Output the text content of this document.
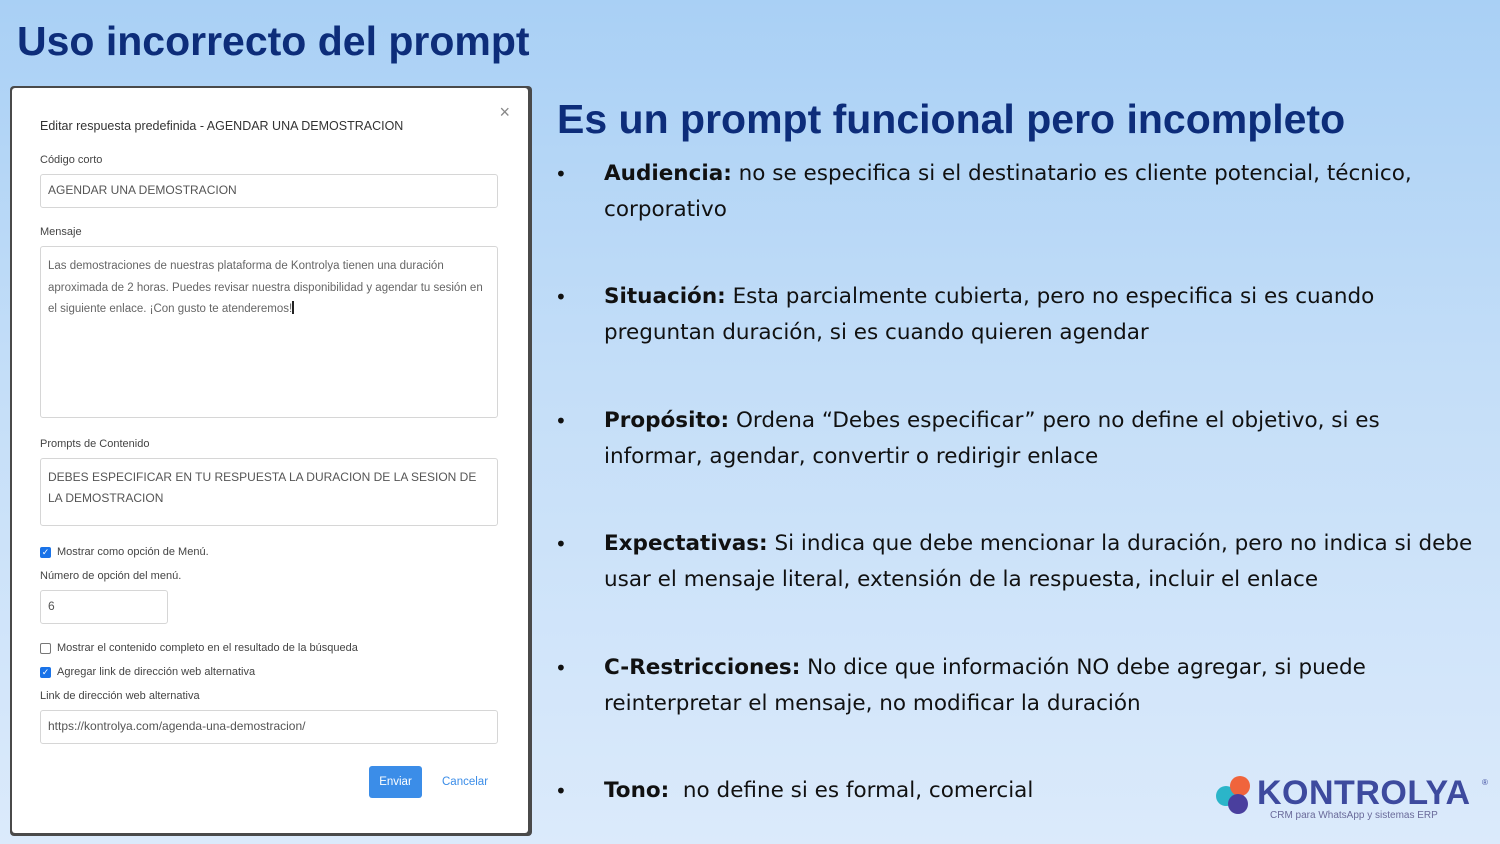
Uso incorrecto del prompt
Editar respuesta predefinida - AGENDAR UNA DEMOSTRACION
×
Código corto
AGENDAR UNA DEMOSTRACION
Mensaje
Las demostraciones de nuestras plataforma de Kontrolya tienen una duración aproximada de 2 horas. Puedes revisar nuestra disponibilidad y agendar tu sesión en el siguiente enlace. ¡Con gusto te atenderemos!
Prompts de Contenido
DEBES ESPECIFICAR EN TU RESPUESTA LA DURACION DE LA SESION DE LA DEMOSTRACION
✓ Mostrar como opción de Menú.
Número de opción del menú.
6
Mostrar el contenido completo en el resultado de la búsqueda
✓ Agregar link de dirección web alternativa
Link de dirección web alternativa
https://kontrolya.com/agenda-una-demostracion/
Enviar	Cancelar
Es un prompt funcional pero incompleto
•	Audiencia: no se especifica si el destinatario es cliente potencial, técnico, corporativo
•	Situación: Esta parcialmente cubierta, pero no especifica si es cuando preguntan duración, si es cuando quieren agendar
•	Propósito: Ordena “Debes especificar” pero no define el objetivo, si es informar, agendar, convertir o redirigir enlace
•	Expectativas: Si indica que debe mencionar la duración, pero no indica si debe usar el mensaje literal, extensión de la respuesta, incluir el enlace
•	C-Restricciones: No dice que información NO debe agregar, si puede reinterpretar el mensaje, no modificar la duración
•	Tono:  no define si es formal, comercial	KONTROLYA ®
CRM para WhatsApp y sistemas ERP
